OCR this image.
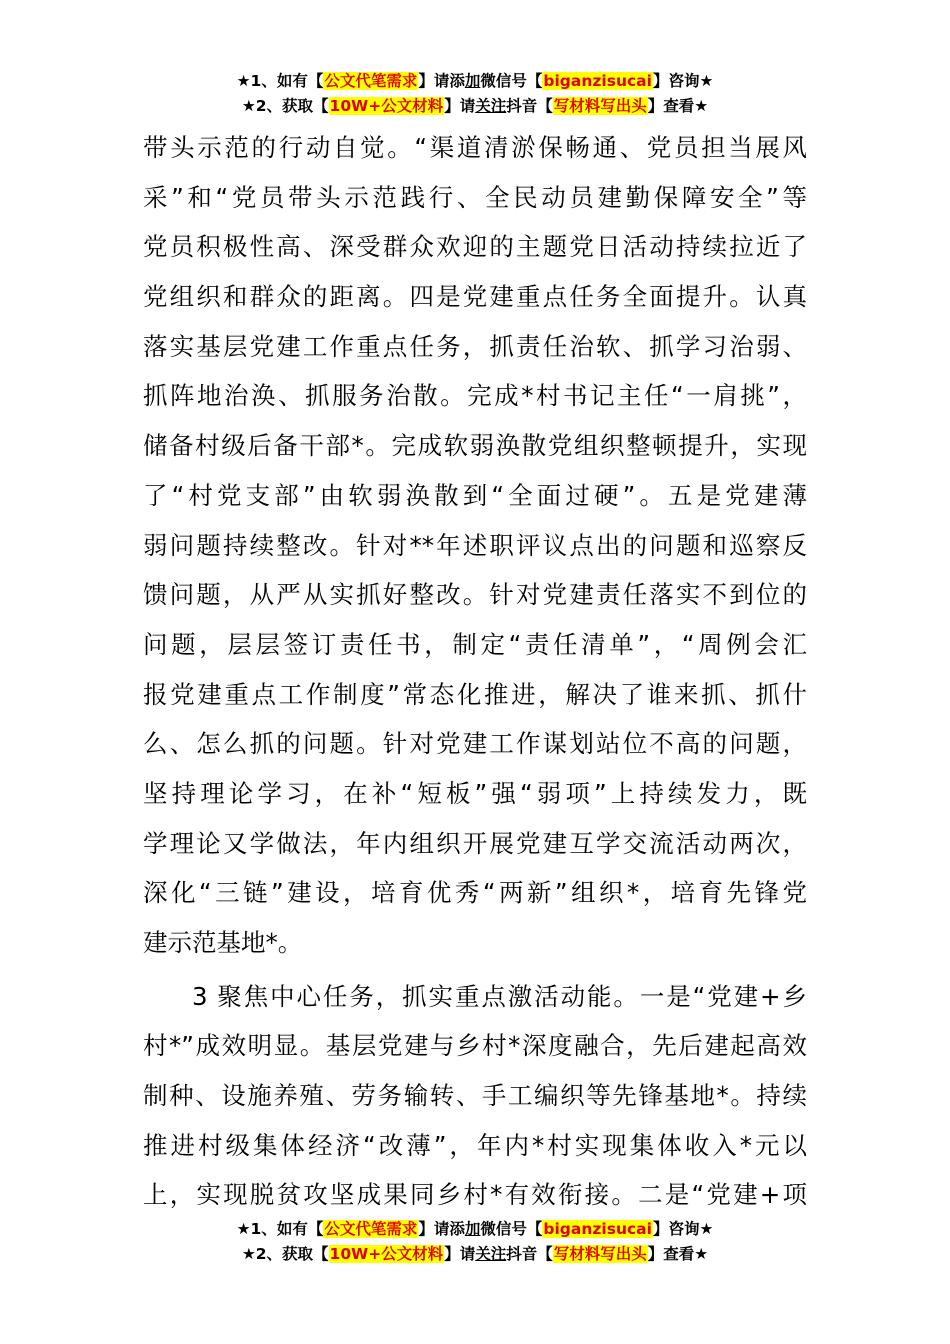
★1、如有【公文代笔需求】请添加微信号【biganzisucai】咨询★
★2、获取【10W+公文材料】请关注抖音【写材料写出头】查看★
带头示范的行动自觉。“渠道清淤保畅通、党员担当展风
采”和“党员带头示范践行、全民动员建勤保障安全”等
党员积极性高、深受群众欢迎的主题党日活动持续拉近了
党组织和群众的距离。四是党建重点任务全面提升。认真
落实基层党建工作重点任务，抓责任治软、抓学习治弱、
抓阵地治涣、抓服务治散。完成*村书记主任“一肩挑”，
储备村级后备干部*。完成软弱涣散党组织整顿提升，实现
了“村党支部”由软弱涣散到“全面过硬”。五是党建薄
弱问题持续整改。针对**年述职评议点出的问题和巡察反
馈问题，从严从实抓好整改。针对党建责任落实不到位的
问题，层层签订责任书，制定“责任清单”，“周例会汇
报党建重点工作制度”常态化推进，解决了谁来抓、抓什
么、怎么抓的问题。针对党建工作谋划站位不高的问题，
坚持理论学习，在补“短板”强“弱项”上持续发力，既
学理论又学做法，年内组织开展党建互学交流活动两次，
深化“三链”建设，培育优秀“两新”组织*，培育先锋党
建示范基地*。
3 聚焦中心任务，抓实重点激活动能。一是“党建+乡
村*”成效明显。基层党建与乡村*深度融合，先后建起高效
制种、设施养殖、劳务输转、手工编织等先锋基地*。持续
推进村级集体经济“改薄”，年内*村实现集体收入*元以
上，实现脱贫攻坚成果同乡村*有效衔接。二是“党建+项
★1、如有【公文代笔需求】请添加微信号【biganzisucai】咨询★
★2、获取【10W+公文材料】请关注抖音【写材料写出头】查看★
